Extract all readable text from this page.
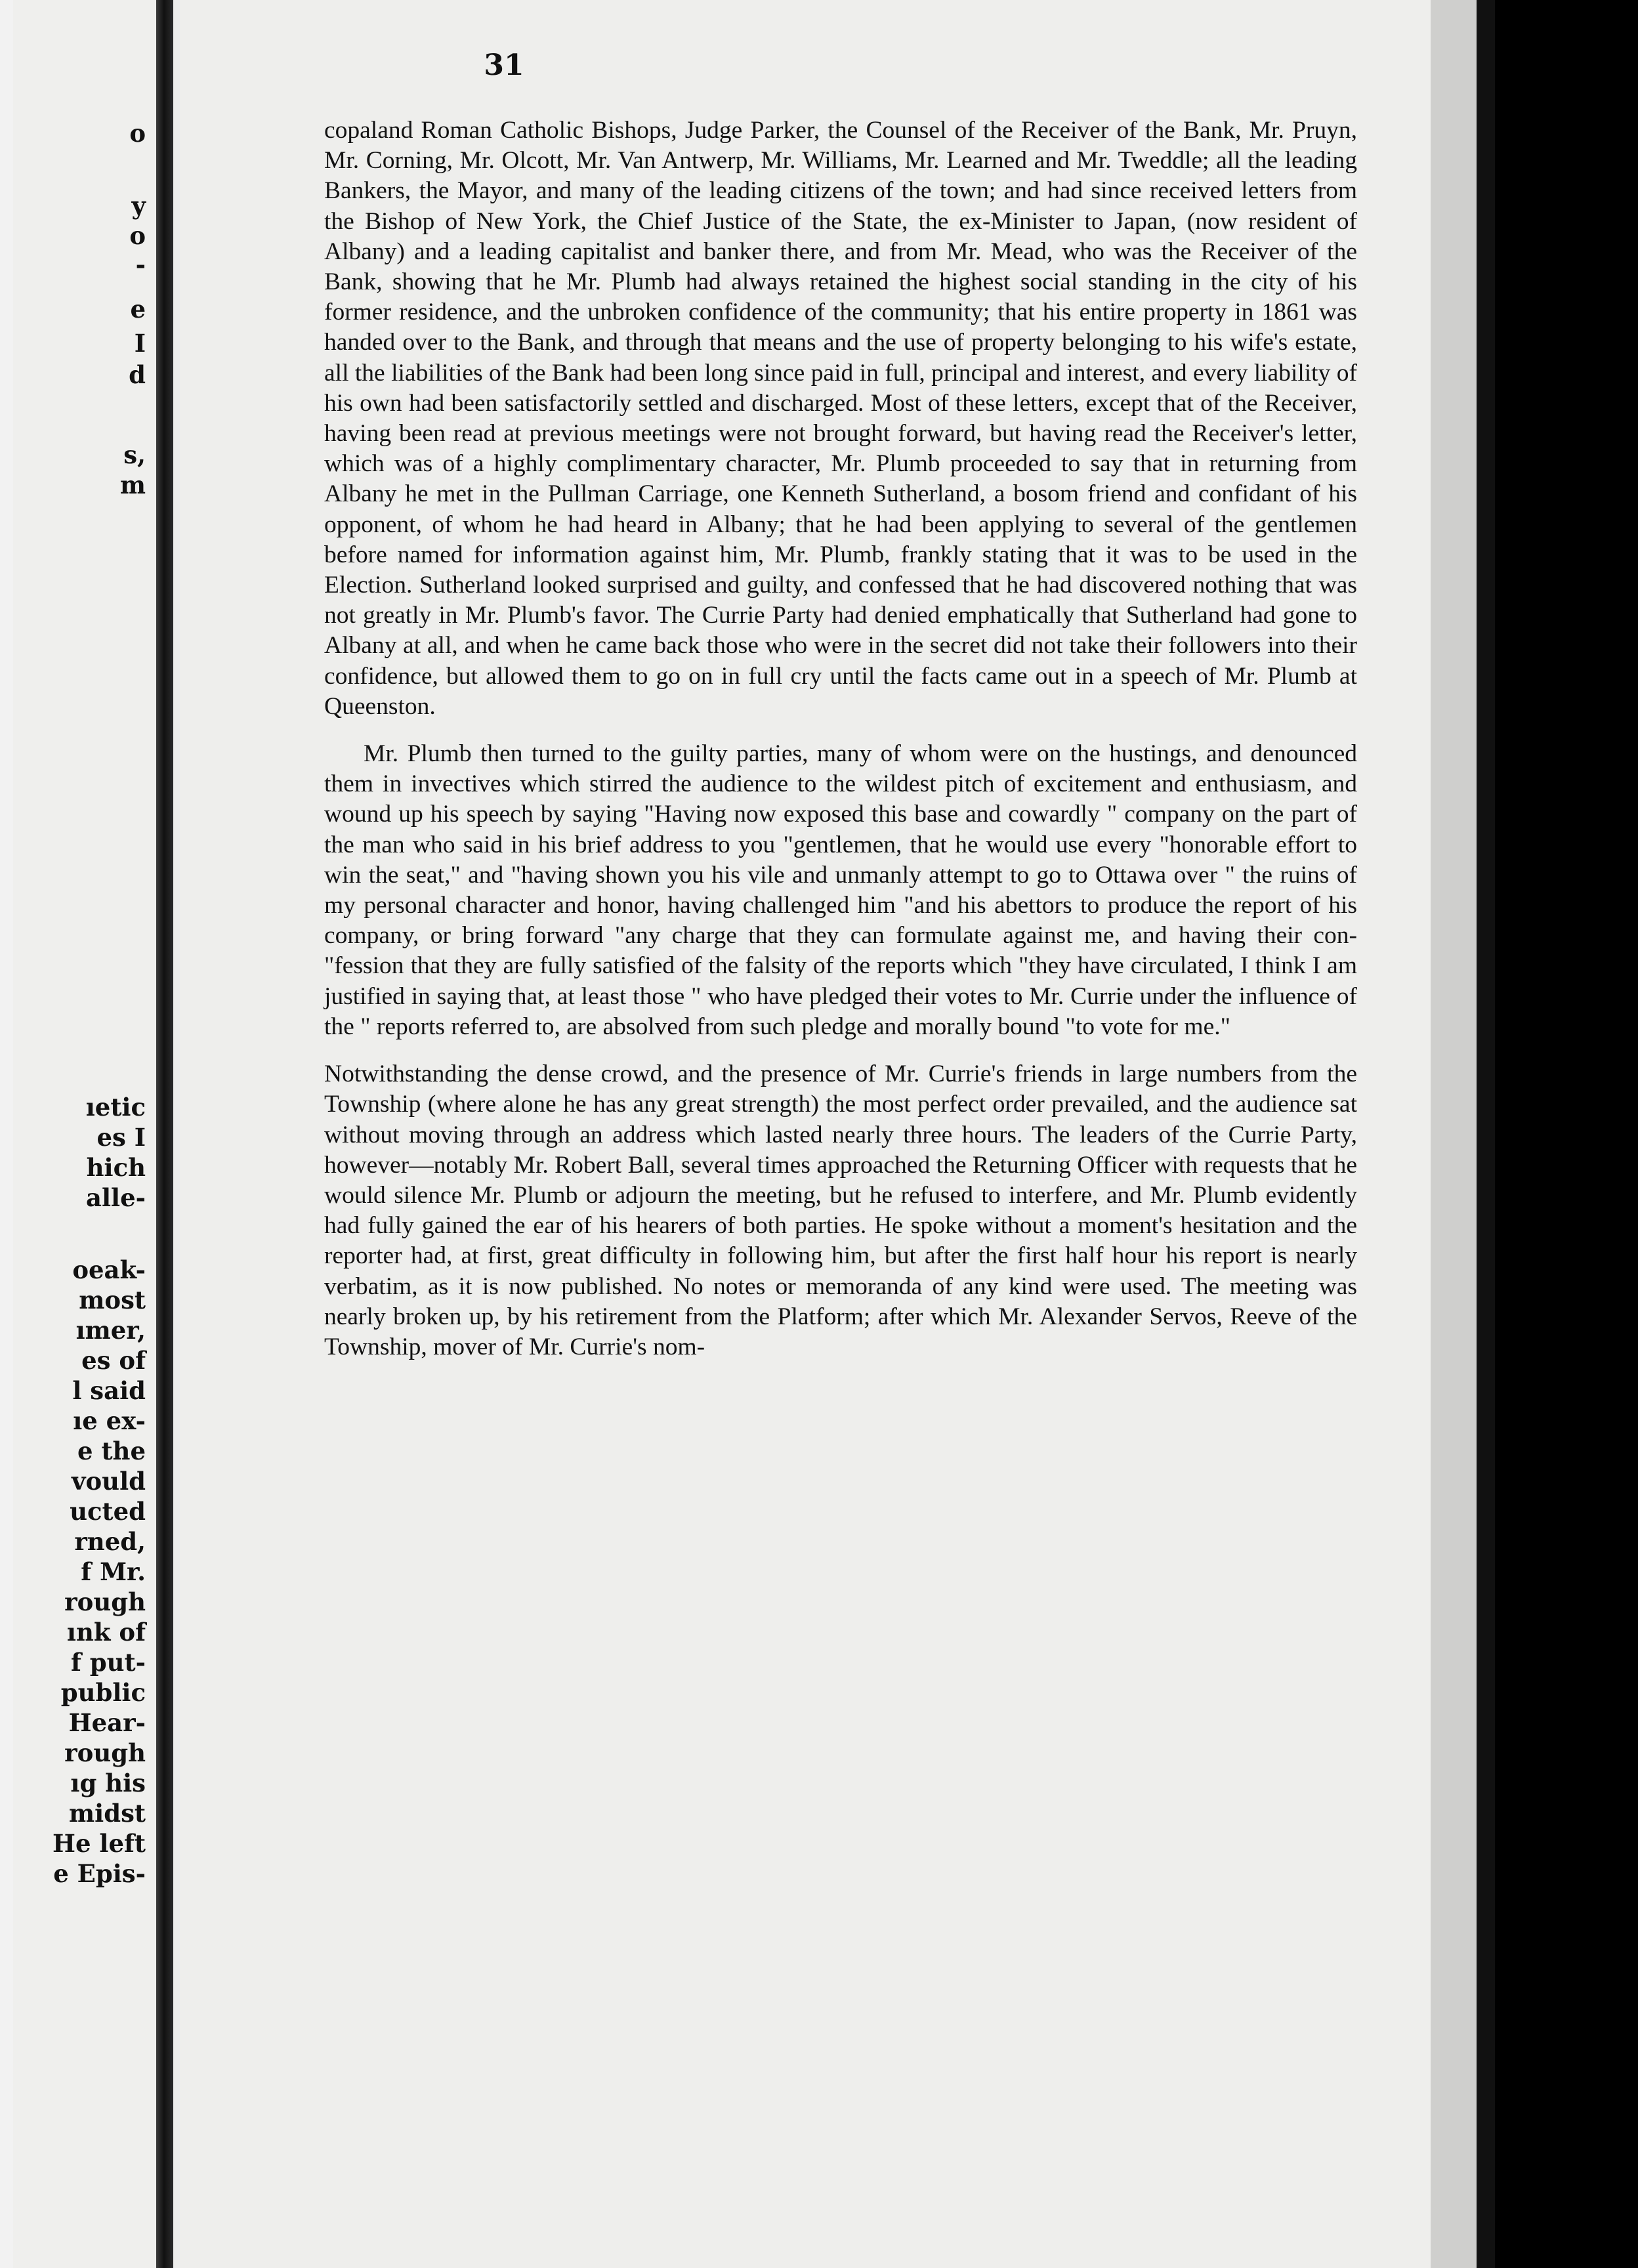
o

y

o

-

e

I

d

s,

m

ıetic

es I

hich

alle-

oeak-

most

ımer,

es of

l said

ıe ex-

e the

vould

ucted

rned,

f Mr.

rough

ınk of

f put-

public

Hear-

rough

ıg his

midst

He left

e Epis-

31

copaland Roman Catholic Bishops, Judge Parker, the Counsel of the Receiver of the Bank, Mr. Pruyn, Mr. Corning, Mr. Olcott, Mr. Van Antwerp, Mr. Williams, Mr. Learned and Mr. Tweddle; all the leading Bankers, the Mayor, and many of the leading citizens of the town; and had since received letters from the Bishop of New York, the Chief Justice of the State, the ex-Minister to Japan, (now resident of Albany) and a leading capitalist and banker there, and from Mr. Mead, who was the Receiver of the Bank, showing that he Mr. Plumb had always retained the highest social standing in the city of his former residence, and the unbroken confidence of the community; that his entire property in 1861 was handed over to the Bank, and through that means and the use of property belonging to his wife's estate, all the liabilities of the Bank had been long since paid in full, principal and interest, and every liability of his own had been satisfactorily settled and discharged. Most of these letters, except that of the Receiver, having been read at previous meetings were not brought forward, but having read the Receiver's letter, which was of a highly complimentary character, Mr. Plumb proceeded to say that in returning from Albany he met in the Pullman Carriage, one Kenneth Sutherland, a bosom friend and confidant of his opponent, of whom he had heard in Albany; that he had been applying to several of the gentlemen before named for information against him, Mr. Plumb, frankly stating that it was to be used in the Election. Sutherland looked surprised and guilty, and confessed that he had discovered nothing that was not greatly in Mr. Plumb's favor. The Currie Party had denied emphatically that Sutherland had gone to Albany at all, and when he came back those who were in the secret did not take their followers into their confidence, but allowed them to go on in full cry until the facts came out in a speech of Mr. Plumb at Queenston.

Mr. Plumb then turned to the guilty parties, many of whom were on the hustings, and denounced them in invectives which stirred the audience to the wildest pitch of excitement and enthusiasm, and wound up his speech by saying "Having now exposed this base and cowardly " company on the part of the man who said in his brief address to you "gentlemen, that he would use every "honorable effort to win the seat," and "having shown you his vile and unmanly attempt to go to Ottawa over " the ruins of my personal character and honor, having challenged him "and his abettors to produce the report of his company, or bring forward "any charge that they can formulate against me, and having their con- "fession that they are fully satisfied of the falsity of the reports which "they have circulated, I think I am justified in saying that, at least those " who have pledged their votes to Mr. Currie under the influence of the " reports referred to, are absolved from such pledge and morally bound "to vote for me."

Notwithstanding the dense crowd, and the presence of Mr. Currie's friends in large numbers from the Township (where alone he has any great strength) the most perfect order prevailed, and the audience sat without moving through an address which lasted nearly three hours. The leaders of the Currie Party, however—notably Mr. Robert Ball, several times approached the Returning Officer with requests that he would silence Mr. Plumb or adjourn the meeting, but he refused to interfere, and Mr. Plumb evidently had fully gained the ear of his hearers of both parties. He spoke without a moment's hesitation and the reporter had, at first, great difficulty in following him, but after the first half hour his report is nearly verbatim, as it is now published. No notes or memoranda of any kind were used. The meeting was nearly broken up, by his retirement from the Platform; after which Mr. Alexander Servos, Reeve of the Township, mover of Mr. Currie's nom-
